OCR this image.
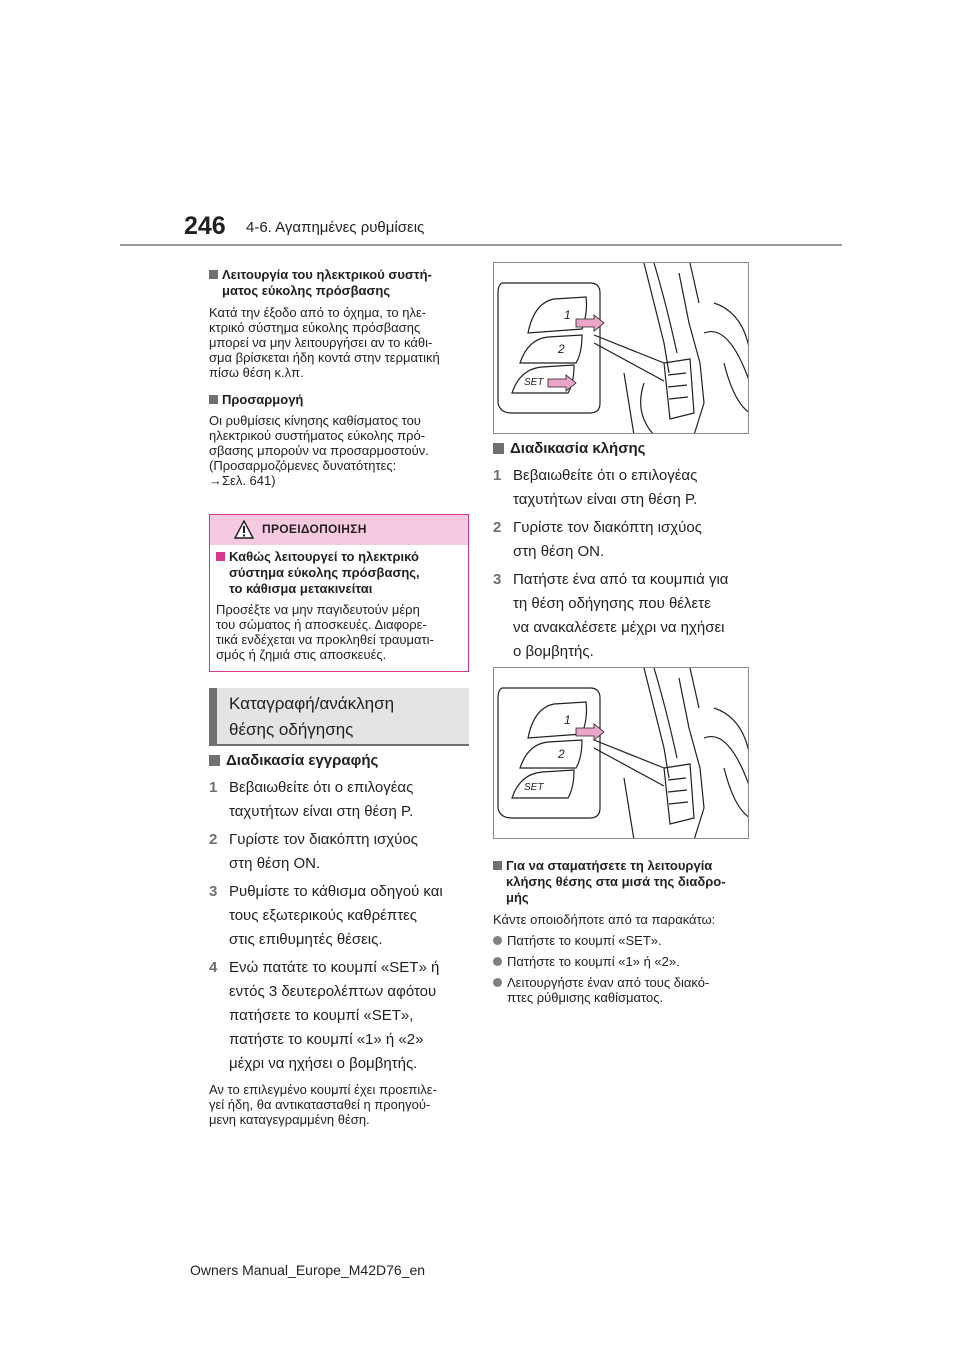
246 4-6. Αγαπημένες ρυθμίσεις
Λειτουργία του ηλεκτρικού συστή-
ματος εύκολης πρόσβασης
Κατά την έξοδο από το όχημα, το ηλε-
κτρικό σύστημα εύκολης πρόσβασης
μπορεί να μην λειτουργήσει αν το κάθι-
σμα βρίσκεται ήδη κοντά στην τερματική
πίσω θέση κ.λπ.
Προσαρμογή
Οι ρυθμίσεις κίνησης καθίσματος του
ηλεκτρικού συστήματος εύκολης πρό-
σβασης μπορούν να προσαρμοστούν.
(Προσαρμοζόμενες δυνατότητες:
→Σελ. 641)
ΠΡΟΕΙΔΟΠΟΙΗΣΗ
Καθώς λειτουργεί το ηλεκτρικό
σύστημα εύκολης πρόσβασης,
το κάθισμα μετακινείται
Προσέξτε να μην παγιδευτούν μέρη
του σώματος ή αποσκευές. Διαφορε-
τικά ενδέχεται να προκληθεί τραυματι-
σμός ή ζημιά στις αποσκευές.
Καταγραφή/ανάκληση
θέσης οδήγησης
Διαδικασία εγγραφής
1 Βεβαιωθείτε ότι ο επιλογέας
ταχυτήτων είναι στη θέση P.
2 Γυρίστε τον διακόπτη ισχύος
στη θέση ON.
3 Ρυθμίστε το κάθισμα οδηγού και
τους εξωτερικούς καθρέπτες
στις επιθυμητές θέσεις.
4 Ενώ πατάτε το κουμπί «SET» ή
εντός 3 δευτερολέπτων αφότου
πατήσετε το κουμπί «SET»,
πατήστε το κουμπί «1» ή «2»
μέχρι να ηχήσει ο βομβητής.
Αν το επιλεγμένο κουμπί έχει προεπιλε-
γεί ήδη, θα αντικατασταθεί η προηγού-
μενη καταγεγραμμένη θέση.
1
2
SET
Διαδικασία κλήσης
1 Βεβαιωθείτε ότι ο επιλογέας
ταχυτήτων είναι στη θέση P.
2 Γυρίστε τον διακόπτη ισχύος
στη θέση ON.
3 Πατήστε ένα από τα κουμπιά για
τη θέση οδήγησης που θέλετε
να ανακαλέσετε μέχρι να ηχήσει
ο βομβητής.
1
2
SET
Για να σταματήσετε τη λειτουργία
κλήσης θέσης στα μισά της διαδρο-
μής
Κάντε οποιοδήποτε από τα παρακάτω:
Πατήστε το κουμπί «SET».
Πατήστε το κουμπί «1» ή «2».
Λειτουργήστε έναν από τους διακό-
πτες ρύθμισης καθίσματος.
Owners Manual_Europe_M42D76_en
